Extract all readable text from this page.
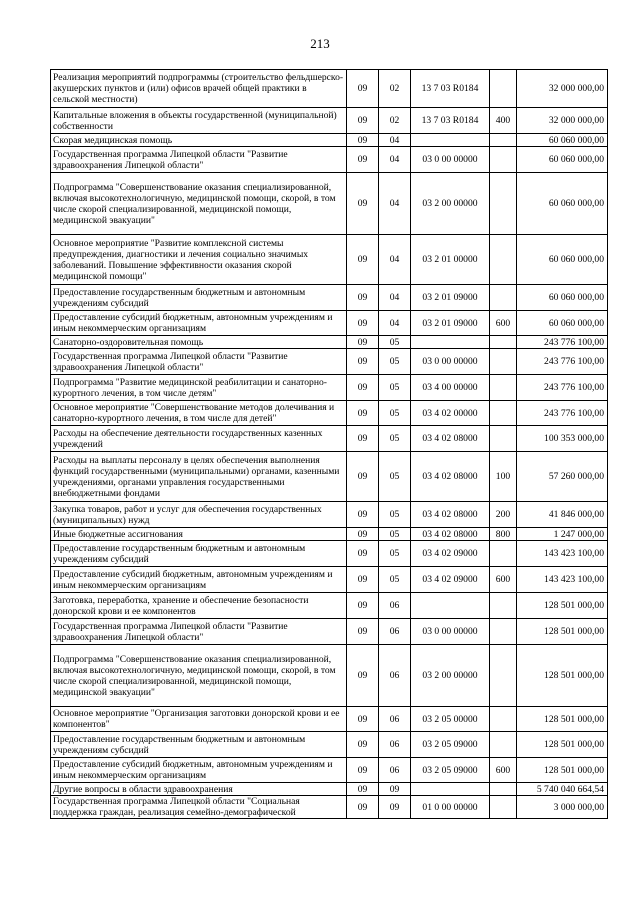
213
Реализация мероприятий подпрограммы (строительство фельдшерско-акушерских пунктов и (или) офисов врачей общей практики в сельской местности)	09	02	13 7 03 R0184		32 000 000,00
Капитальные вложения в объекты государственной (муниципальной) собственности	09	02	13 7 03 R0184	400	32 000 000,00
Скорая медицинская помощь	09	04			60 060 000,00
Государственная программа Липецкой области "Развитие здравоохранения Липецкой области"	09	04	03 0 00 00000		60 060 000,00
Подпрограмма "Совершенствование оказания специализированной, включая высокотехнологичную, медицинской помощи, скорой, в том числе скорой специализированной, медицинской помощи, медицинской эвакуации"	09	04	03 2 00 00000		60 060 000,00
Основное мероприятие "Развитие комплексной системы предупреждения, диагностики и лечения социально значимых заболеваний. Повышение эффективности оказания скорой медицинской помощи"	09	04	03 2 01 00000		60 060 000,00
Предоставление государственным бюджетным и автономным учреждениям субсидий	09	04	03 2 01 09000		60 060 000,00
Предоставление субсидий бюджетным, автономным учреждениям и иным некоммерческим организациям	09	04	03 2 01 09000	600	60 060 000,00
Санаторно-оздоровительная помощь	09	05			243 776 100,00
Государственная программа Липецкой области "Развитие здравоохранения Липецкой области"	09	05	03 0 00 00000		243 776 100,00
Подпрограмма "Развитие медицинской реабилитации и санаторно-курортного лечения, в том числе детям"	09	05	03 4 00 00000		243 776 100,00
Основное мероприятие "Совершенствование методов долечивания и санаторно-курортного лечения, в том числе для детей"	09	05	03 4 02 00000		243 776 100,00
Расходы на обеспечение деятельности государственных казенных учреждений	09	05	03 4 02 08000		100 353 000,00
Расходы на выплаты персоналу в целях обеспечения выполнения функций государственными (муниципальными) органами, казенными учреждениями, органами управления государственными внебюджетными фондами	09	05	03 4 02 08000	100	57 260 000,00
Закупка товаров, работ и услуг для обеспечения государственных (муниципальных) нужд	09	05	03 4 02 08000	200	41 846 000,00
Иные бюджетные ассигнования	09	05	03 4 02 08000	800	1 247 000,00
Предоставление государственным бюджетным и автономным учреждениям субсидий	09	05	03 4 02 09000		143 423 100,00
Предоставление субсидий бюджетным, автономным учреждениям и иным некоммерческим организациям	09	05	03 4 02 09000	600	143 423 100,00
Заготовка, переработка, хранение и обеспечение безопасности донорской крови и ее компонентов	09	06			128 501 000,00
Государственная программа Липецкой области "Развитие здравоохранения Липецкой области"	09	06	03 0 00 00000		128 501 000,00
Подпрограмма "Совершенствование оказания специализированной, включая высокотехнологичную, медицинской помощи, скорой, в том числе скорой специализированной, медицинской помощи, медицинской эвакуации"	09	06	03 2 00 00000		128 501 000,00
Основное мероприятие "Организация заготовки донорской крови и ее компонентов"	09	06	03 2 05 00000		128 501 000,00
Предоставление государственным бюджетным и автономным учреждениям субсидий	09	06	03 2 05 09000		128 501 000,00
Предоставление субсидий бюджетным, автономным учреждениям и иным некоммерческим организациям	09	06	03 2 05 09000	600	128 501 000,00
Другие вопросы в области здравоохранения	09	09			5 740 040 664,54
Государственная программа Липецкой области "Социальная поддержка граждан, реализация семейно-демографической	09	09	01 0 00 00000		3 000 000,00
